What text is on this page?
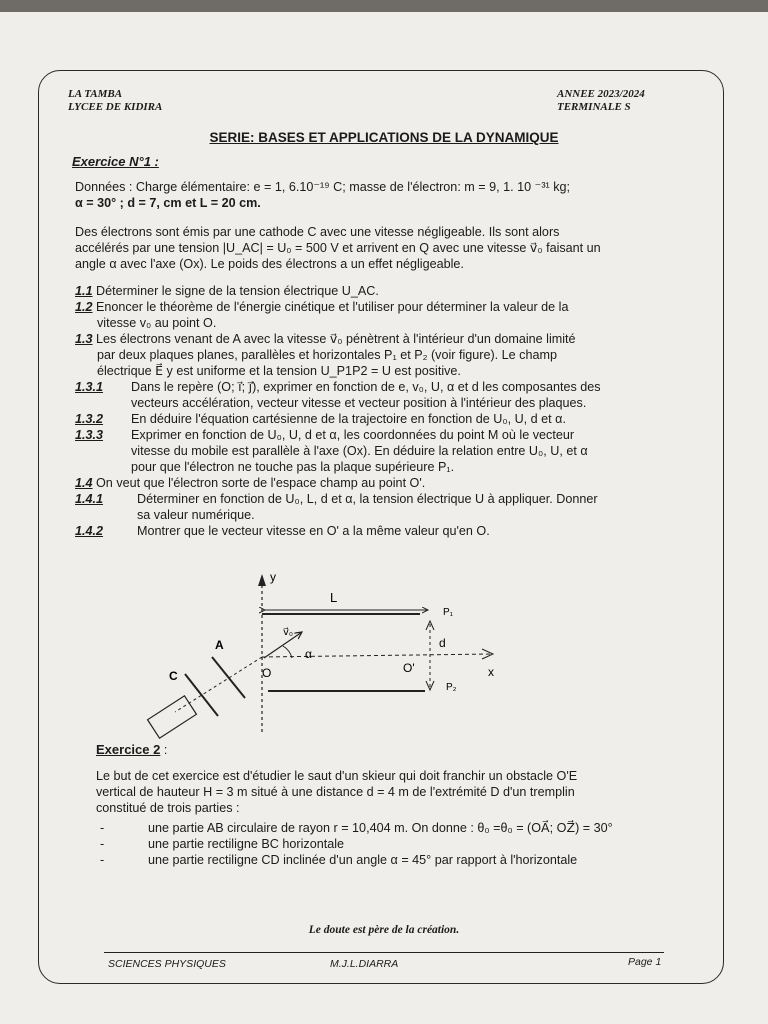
LA TAMBA
LYCEE DE KIDIRA
ANNEE 2023/2024
TERMINALE S
SERIE: BASES ET APPLICATIONS DE LA DYNAMIQUE
Exercice N°1 :
Données : Charge élémentaire: e = 1, 6.10⁻¹⁹ C; masse de l'électron: m = 9, 1. 10 ⁻³¹ kg;
α = 30° ; d = 7, cm et L = 20 cm.
Des électrons sont émis par une cathode C avec une vitesse négligeable. Ils sont alors
accélérés par une tension |U_AC| = U₀ = 500 V et arrivent en Q avec une vitesse v⃗₀ faisant un
angle α avec l'axe (Ox). Le poids des électrons a un effet négligeable.
1.1 Déterminer le signe de la tension électrique U_AC.
1.2 Enoncer le théorème de l'énergie cinétique et l'utiliser pour déterminer la valeur de la
vitesse v₀ au point O.
1.3 Les électrons venant de A avec la vitesse v⃗₀ pénètrent à l'intérieur d'un domaine limité
par deux plaques planes, parallèles et horizontales P₁ et P₂ (voir figure). Le champ
électrique E⃗ y est uniforme et la tension U_P1P2 = U est positive.
1.3.1 Dans le repère (O; i⃗; j⃗), exprimer en fonction de e, v₀, U, α et d les composantes des
vecteurs accélération, vecteur vitesse et vecteur position à l'intérieur des plaques.
1.3.2 En déduire l'équation cartésienne de la trajectoire en fonction de U₀, U, d et α.
1.3.3 Exprimer en fonction de U₀, U, d et α, les coordonnées du point M où le vecteur
vitesse du mobile est parallèle à l'axe (Ox). En déduire la relation entre U₀, U, et α
pour que l'électron ne touche pas la plaque supérieure P₁.
1.4 On veut que l'électron sorte de l'espace champ au point O'.
1.4.1	Déterminer en fonction de U₀, L, d et α, la tension électrique U à appliquer. Donner
sa valeur numérique.
1.4.2	Montrer que le vecteur vitesse en O' a la même valeur qu'en O.
y
L
P₁
P₂
d
x
v⃗₀
α
O	O'
A
C
Exercice 2 :
Le but de cet exercice est d'étudier le saut d'un skieur qui doit franchir un obstacle O'E
vertical de hauteur H = 3 m situé à une distance d = 4 m de l'extrémité D d'un tremplin
constitué de trois parties :
-	une partie AB circulaire de rayon r = 10,404 m. On donne : θ₀ =θ₀ = (OA⃗; OZ⃗) = 30°
-	une partie rectiligne BC horizontale
-	une partie rectiligne CD inclinée d'un angle α = 45° par rapport à l'horizontale
Le doute est père de la création.
SCIENCES PHYSIQUES	M.J.L.DIARRA	Page 1
